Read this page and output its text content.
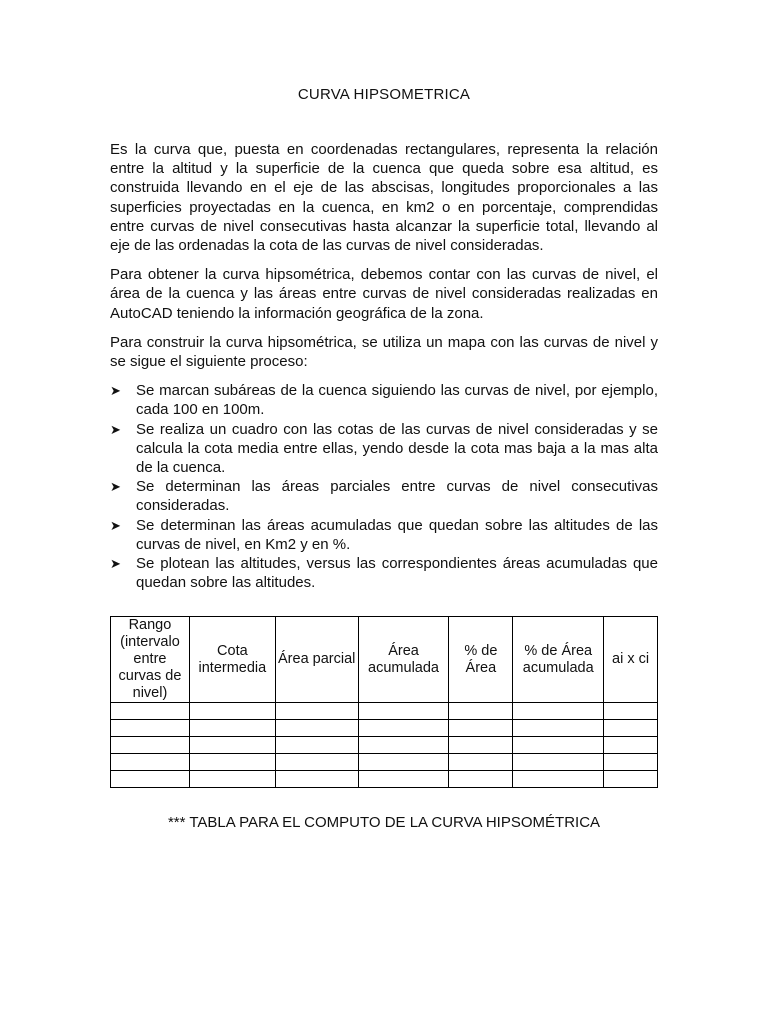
CURVA HIPSOMETRICA

Es la curva que, puesta en coordenadas rectangulares, representa la relación entre la altitud y la superficie de la cuenca que queda sobre esa altitud, es construida llevando en el eje de las abscisas, longitudes proporcionales a las superficies proyectadas en la cuenca, en km2 o en porcentaje, comprendidas entre curvas de nivel consecutivas hasta alcanzar la superficie total, llevando al eje de las ordenadas la cota de las curvas de nivel consideradas.

Para obtener la curva hipsométrica, debemos contar con las curvas de nivel, el área de la cuenca y las áreas entre curvas de nivel consideradas realizadas en AutoCAD teniendo la información geográfica de la zona.

Para construir la curva hipsométrica, se utiliza un mapa con las curvas de nivel y se sigue el siguiente proceso:

➤ Se marcan subáreas de la cuenca siguiendo las curvas de nivel, por ejemplo, cada 100 en 100m.
➤ Se realiza un cuadro con las cotas de las curvas de nivel consideradas y se calcula la cota media entre ellas, yendo desde la cota mas baja a la mas alta de la cuenca.
➤ Se determinan las áreas parciales entre curvas de nivel consecutivas consideradas.
➤ Se determinan las áreas acumuladas que quedan sobre las altitudes de las curvas de nivel, en Km2 y en %.
➤ Se plotean las altitudes, versus las correspondientes áreas acumuladas que quedan sobre las altitudes.
Rango (intervalo entre curvas de nivel)	Cota intermedia	Área parcial	Área acumulada	% de Área	% de Área acumulada	ai x ci

*** TABLA PARA EL COMPUTO DE LA CURVA HIPSOMÉTRICA
